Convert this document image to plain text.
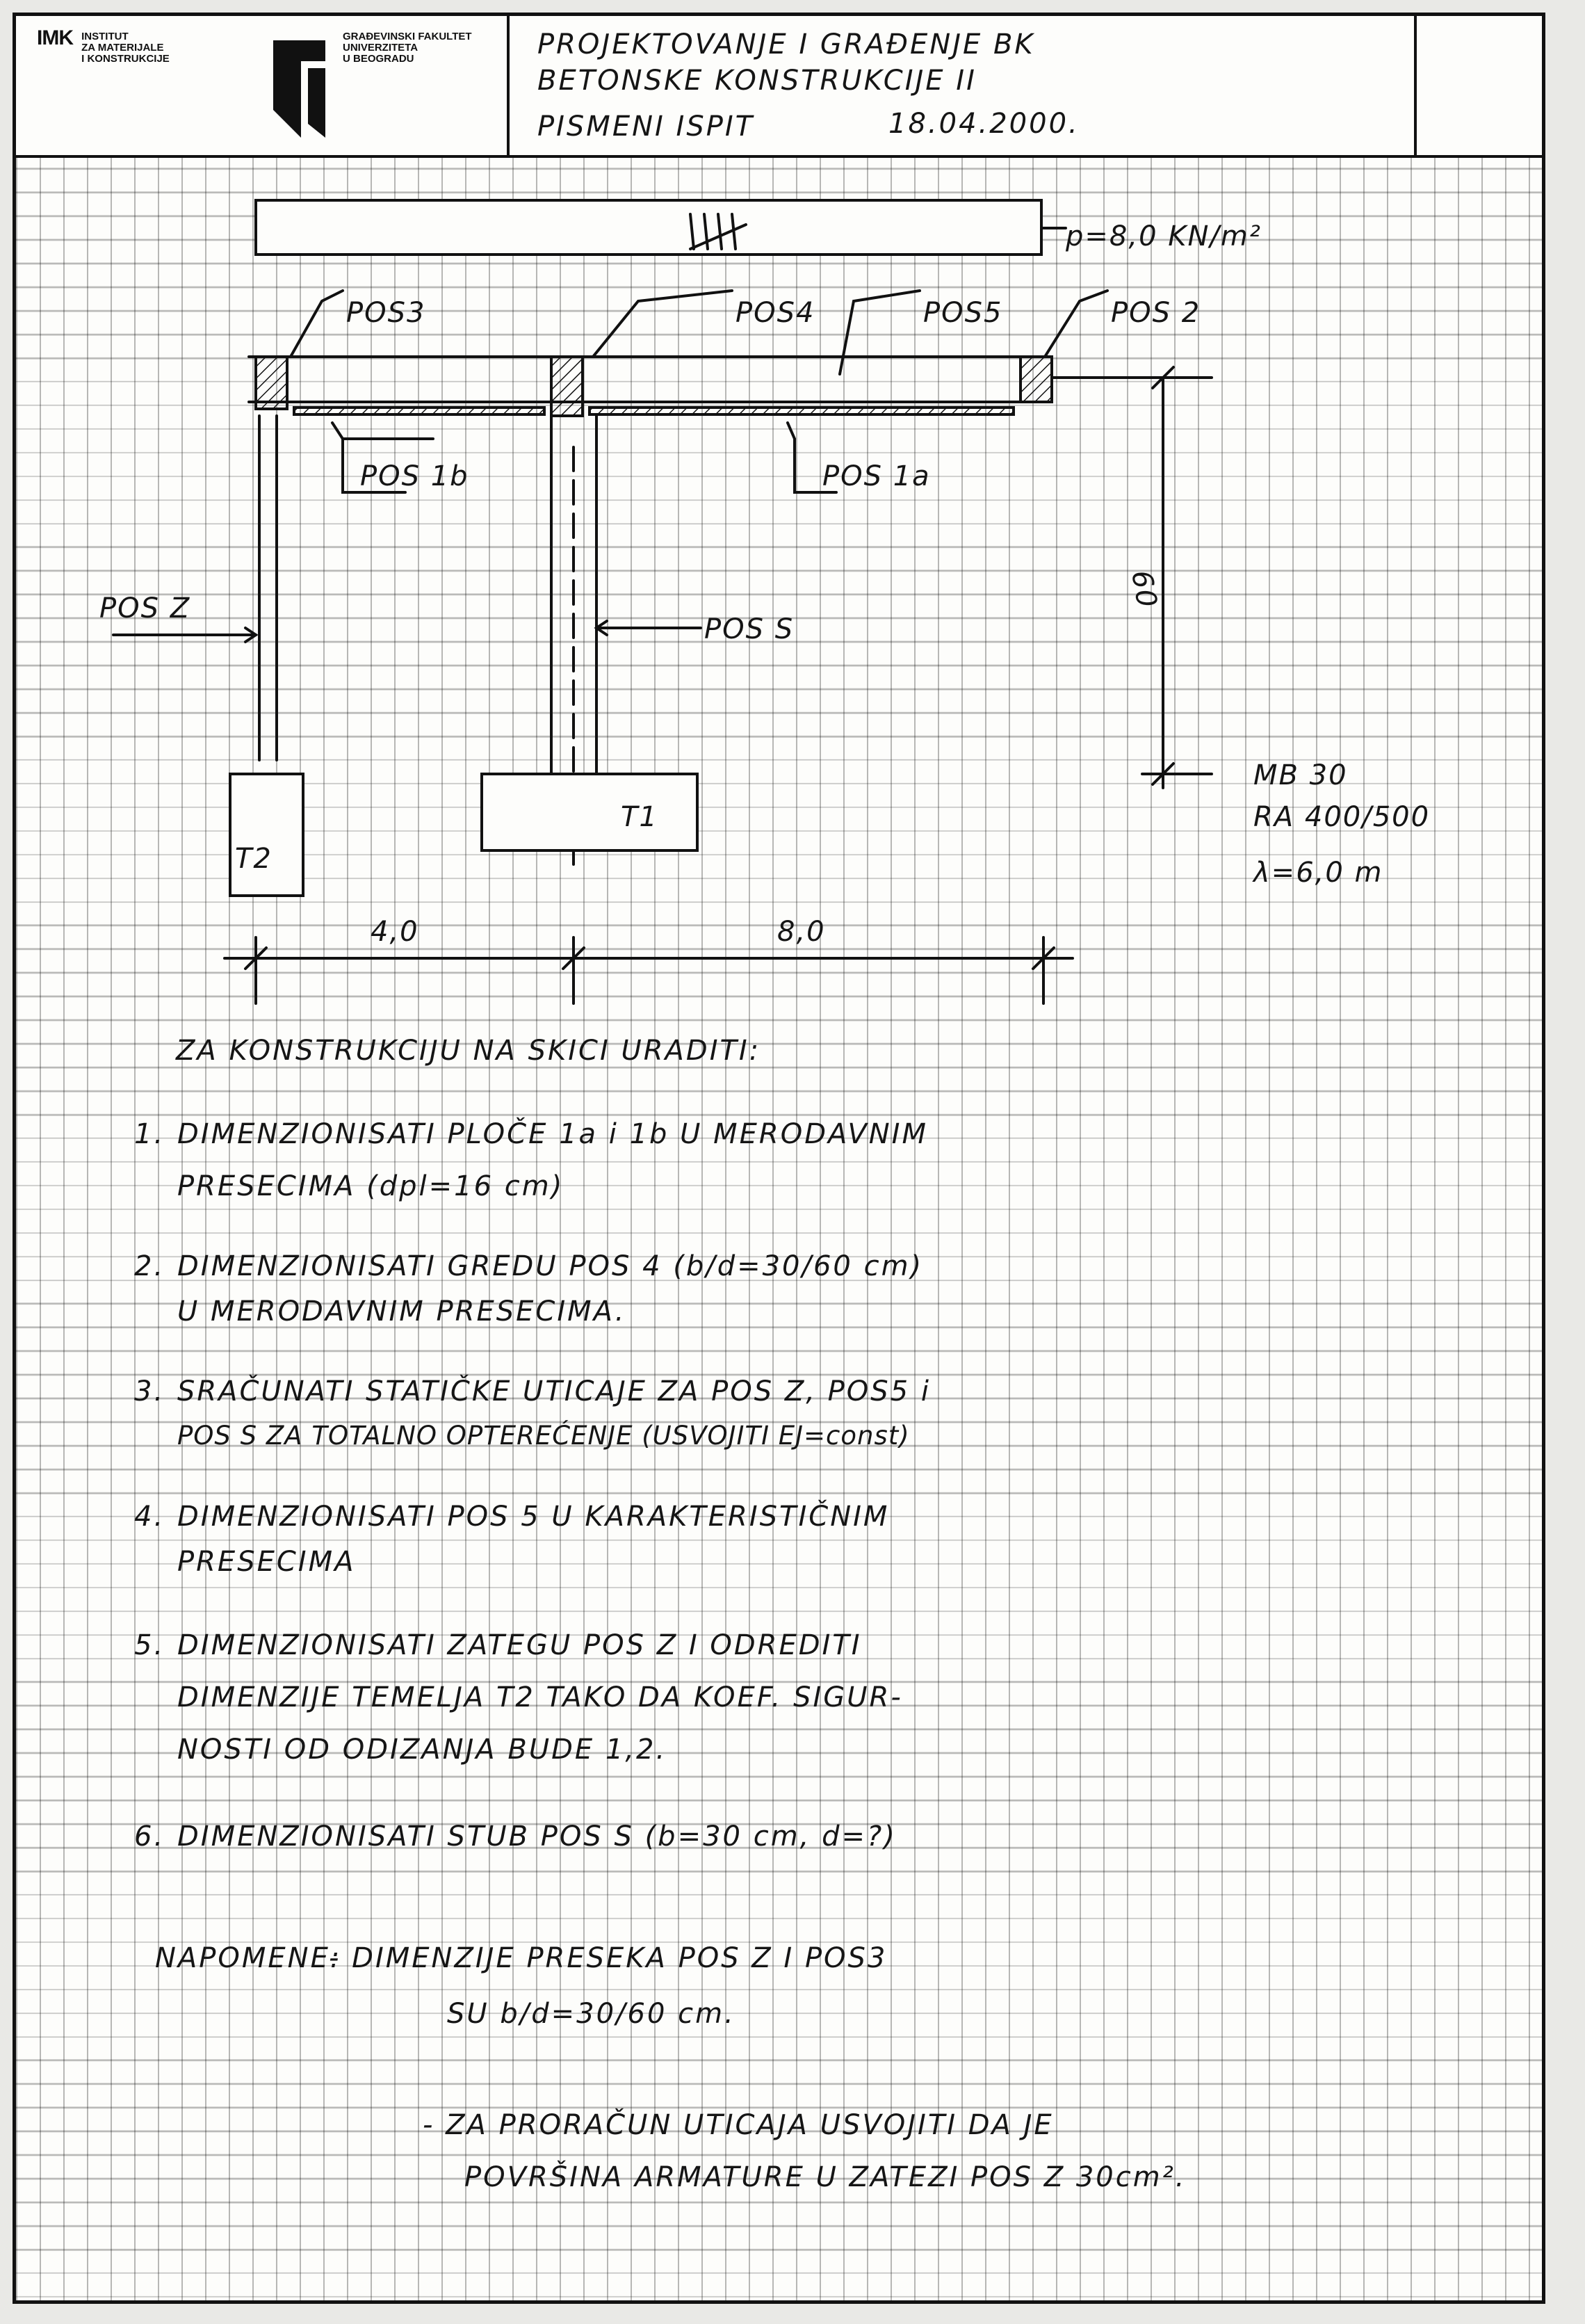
IMK INSTITUT
ZA MATERIJALE
I KONSTRUKCIJE
GRAĐEVINSKI FAKULTET
UNIVERZITETA
U BEOGRADU	PROJEKTOVANJE I GRAĐENJE BK
BETONSKE KONSTRUKCIJE II
PISMENI ISPIT	18.04.2000.
p=8,0 KN/m²
POS3	POS4	POS5	POS 2
POS 1b	POS 1a
POS Z
POS S
60
T1
T2
4,0	8,0
MB 30
RA 400/500
λ=6,0 m
ZA KONSTRUKCIJU NA SKICI URADITI:
1. DIMENZIONISATI PLOČE 1a i 1b U MERODAVNIM
PRESECIMA (dpl=16 cm)
2. DIMENZIONISATI GREDU POS 4 (b/d=30/60 cm)
U MERODAVNIM PRESECIMA.
3. SRAČUNATI STATIČKE UTICAJE ZA POS Z, POS5 i
POS S ZA TOTALNO OPTEREĆENJE (USVOJITI EJ=const)
4. DIMENZIONISATI POS 5 U KARAKTERISTIČNIM
PRESECIMA
5. DIMENZIONISATI ZATEGU POS Z I ODREDITI
DIMENZIJE TEMELJA T2 TAKO DA KOEF. SIGUR-
NOSTI OD ODIZANJA BUDE 1,2.
6. DIMENZIONISATI STUB POS S (b=30 cm, d=?)
NAPOMENE:
- DIMENZIJE PRESEKA POS Z I POS3
SU b/d=30/60 cm.
- ZA PRORAČUN UTICAJA USVOJITI DA JE
POVRŠINA ARMATURE U ZATEZI POS Z 30cm².
